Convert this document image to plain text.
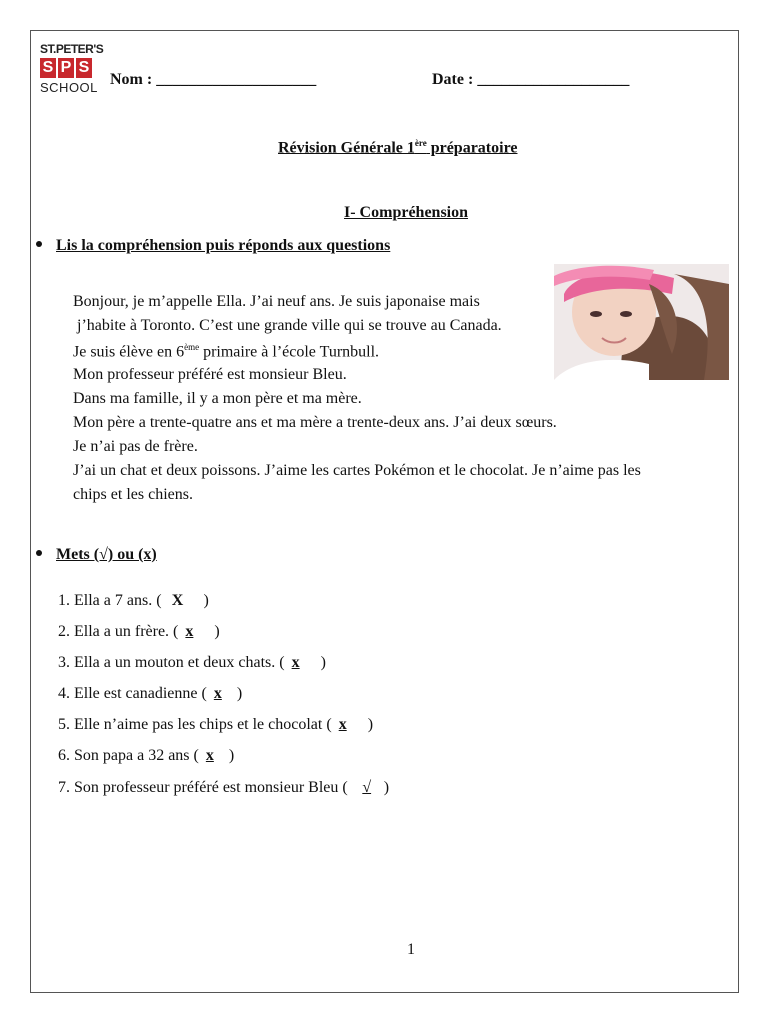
ST.PETER'S
S P S
SCHOOL Nom : ____________________	Date : ___________________
Révision Générale 1ère préparatoire
I- Compréhension
Lis la compréhension puis réponds aux questions
Bonjour, je m’appelle Ella. J’ai neuf ans. Je suis japonaise mais
j’habite à Toronto. C’est une grande ville qui se trouve au Canada.
Je suis élève en 6ème primaire à l’école Turnbull.
Mon professeur préféré est monsieur Bleu.
Dans ma famille, il y a mon père et ma mère.
Mon père a trente-quatre ans et ma mère a trente-deux ans. J’ai deux sœurs.
Je n’ai pas de frère.
J’ai un chat et deux poissons. J’aime les cartes Pokémon et le chocolat. Je n’aime pas les
chips et les chiens.
Mets (√) ou (x)
1. Ella a 7 ans. ( X )
2. Ella a un frère. ( x )
3. Ella a un mouton et deux chats. ( x )
4. Elle est canadienne ( x )
5. Elle n’aime pas les chips et le chocolat ( x )
6. Son papa a 32 ans ( x )
7. Son professeur préféré est monsieur Bleu ( √ )
1
